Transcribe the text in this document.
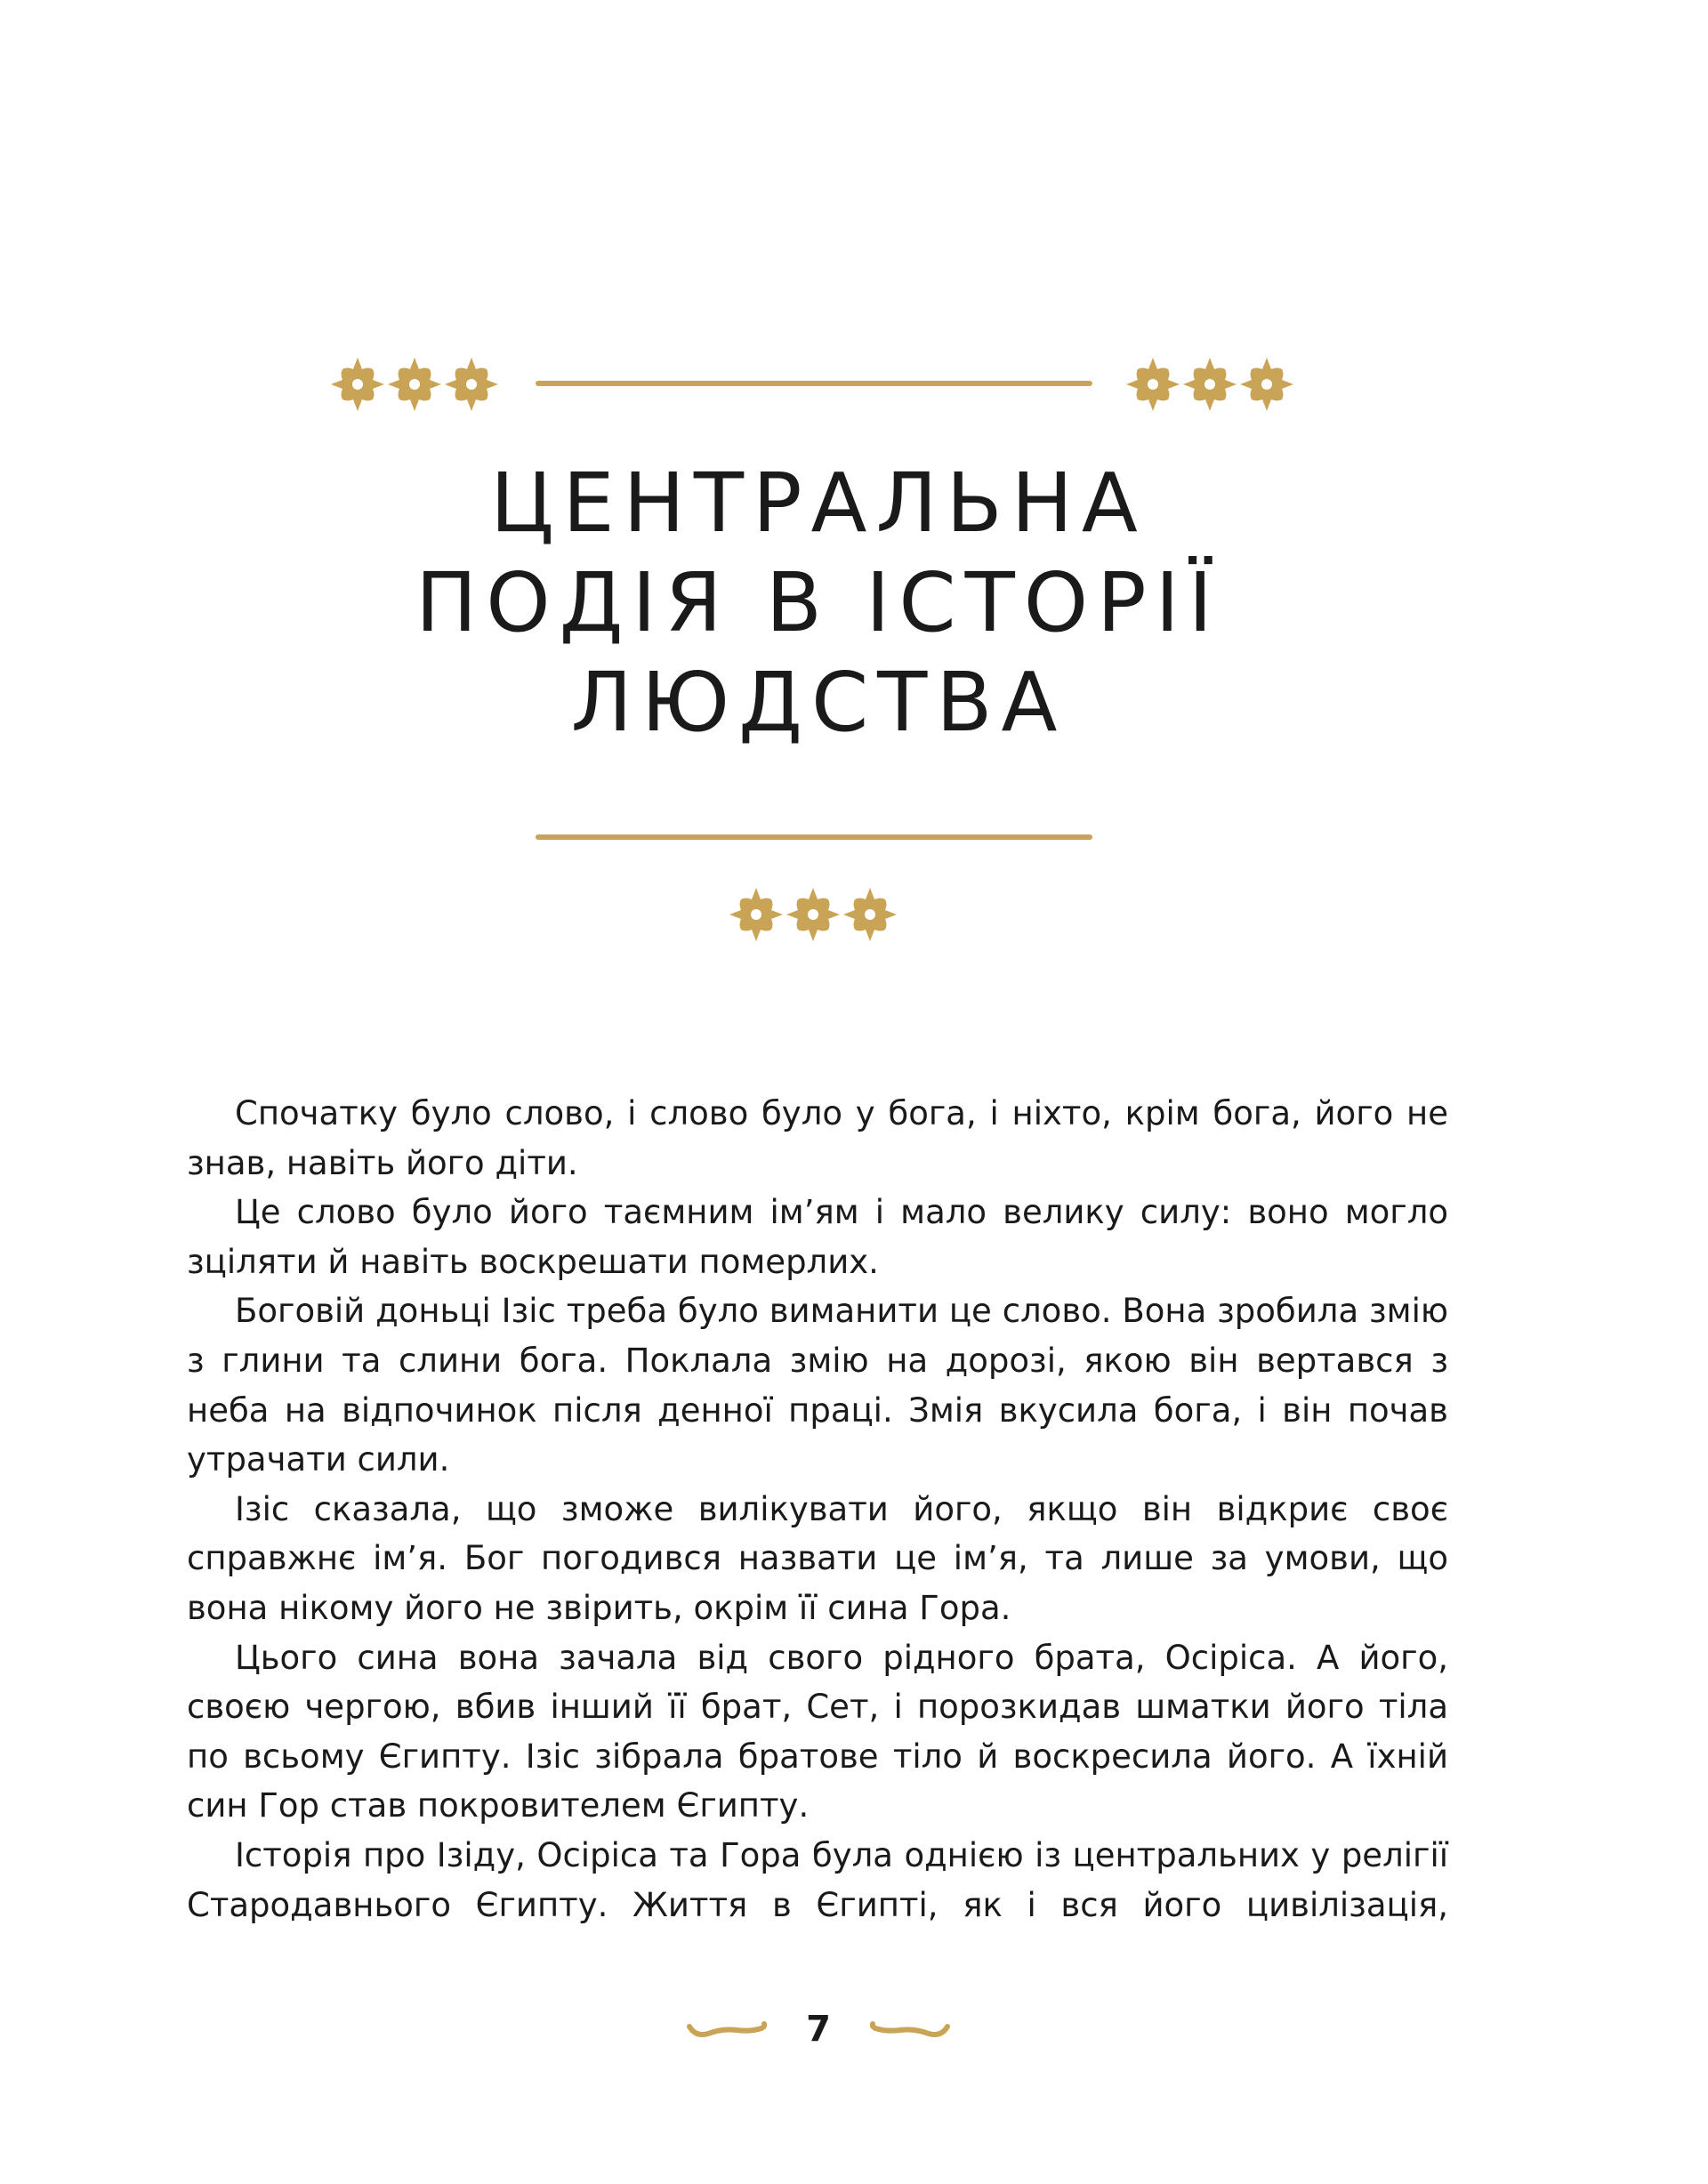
ЦЕНТРАЛЬНА
ПОДІЯ В ІСТОРІЇ
ЛЮДСТВА

Спочатку було слово, і слово було у бога, і ніхто, крім бога, його не знав, навіть його діти.

Це слово було його таємним ім’ям і мало велику силу: воно могло зціляти й навіть воскрешати померлих.

Боговій доньці Ізіс треба було виманити це слово. Вона зробила змію з глини та слини бога. Поклала змію на дорозі, якою він вертався з неба на відпочинок після денної праці. Змія вкусила бога, і він почав утрачати сили.

Ізіс сказала, що зможе вилікувати його, якщо він відкриє своє справжнє ім’я. Бог погодився назвати це ім’я, та лише за умови, що вона нікому його не звірить, окрім її сина Гора.

Цього сина вона зачала від свого рідного брата, Осіріса. А його, своєю чергою, вбив інший її брат, Сет, і порозкидав шматки його тіла по всьому Єгипту. Ізіс зібрала братове тіло й воскресила його. А їхній син Гор став покровителем Єгипту.

Історія про Ізіду, Осіріса та Гора була однією із центральних у релігії Стародавнього Єгипту. Життя в Єгипті, як і вся його цивілізація,

7
